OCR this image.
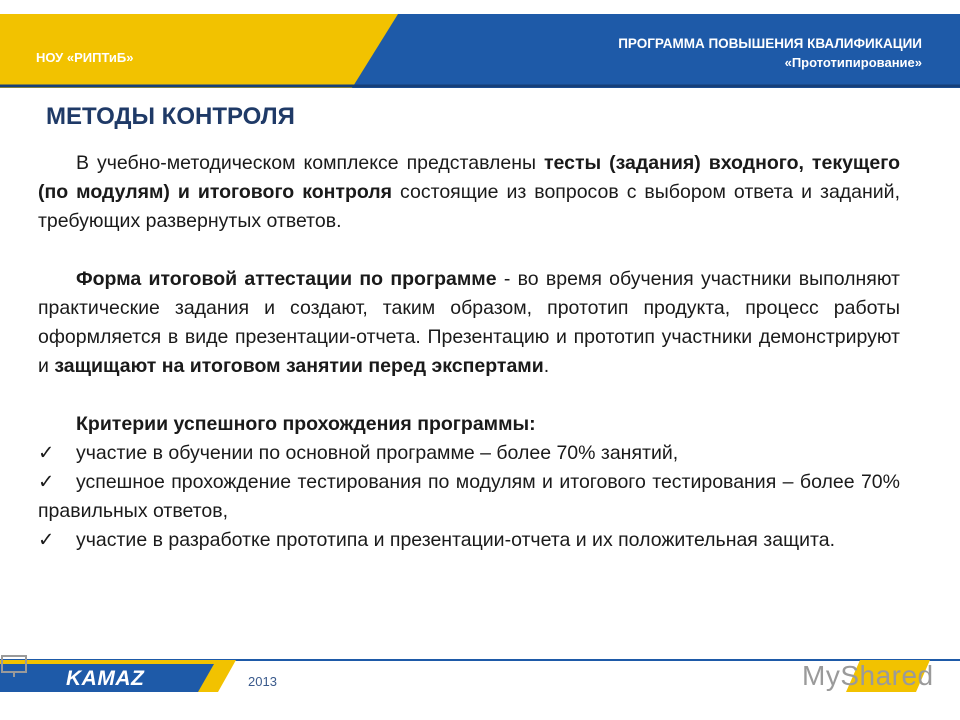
НОУ «РИПТиБ»
ПРОГРАММА ПОВЫШЕНИЯ КВАЛИФИКАЦИИ
«Прототипирование»
МЕТОДЫ КОНТРОЛЯ

В учебно-методическом комплексе представлены тесты (задания) входного, текущего (по модулям) и итогового контроля состоящие из вопросов с выбором ответа и заданий, требующих развернутых ответов.

Форма итоговой аттестации по программе - во время обучения участники выполняют практические задания и создают, таким образом, прототип продукта, процесс работы оформляется в виде презентации-отчета. Презентацию и прототип участники демонстрируют и защищают на итоговом занятии перед экспертами.

Критерии успешного прохождения программы:

✓ участие в обучении по основной программе – более 70% занятий,

✓ успешное прохождение тестирования по модулям и итогового тестирования – более 70% правильных ответов,

✓ участие в разработке прототипа и презентации-отчета и их положительная защита.

KAMAZ	2013	MyShared
